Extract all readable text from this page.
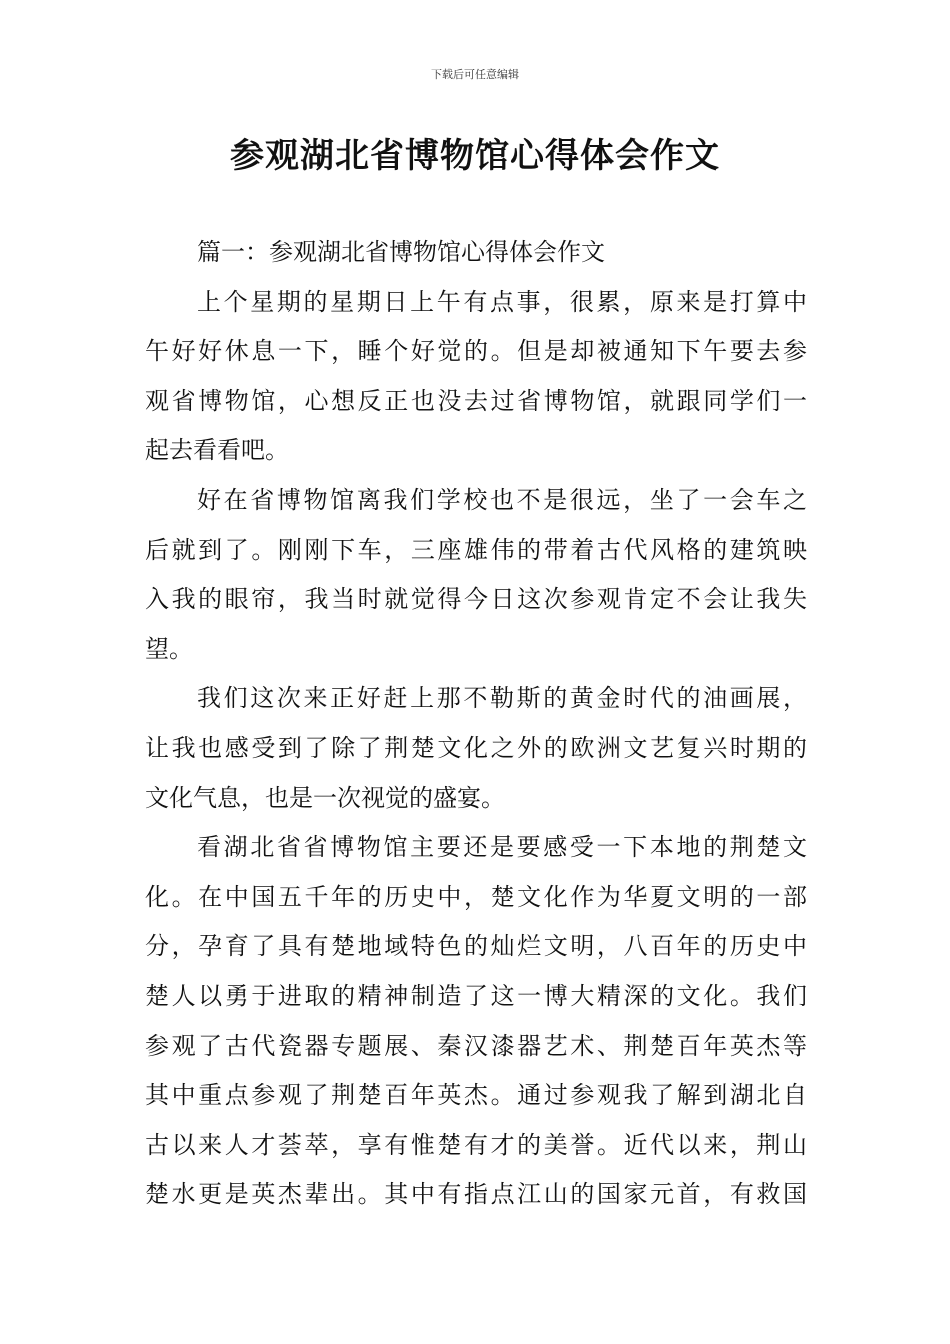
下载后可任意编辑
参观湖北省博物馆心得体会作文
篇一：参观湖北省博物馆心得体会作文
上个星期的星期日上午有点事，很累，原来是打算中
午好好休息一下，睡个好觉的。但是却被通知下午要去参
观省博物馆，心想反正也没去过省博物馆，就跟同学们一
起去看看吧。
好在省博物馆离我们学校也不是很远，坐了一会车之
后就到了。刚刚下车，三座雄伟的带着古代风格的建筑映
入我的眼帘，我当时就觉得今日这次参观肯定不会让我失
望。
我们这次来正好赶上那不勒斯的黄金时代的油画展，
让我也感受到了除了荆楚文化之外的欧洲文艺复兴时期的
文化气息，也是一次视觉的盛宴。
看湖北省省博物馆主要还是要感受一下本地的荆楚文
化。在中国五千年的历史中，楚文化作为华夏文明的一部
分，孕育了具有楚地域特色的灿烂文明，八百年的历史中
楚人以勇于进取的精神制造了这一博大精深的文化。我们
参观了古代瓷器专题展、秦汉漆器艺术、荆楚百年英杰等
其中重点参观了荆楚百年英杰。通过参观我了解到湖北自
古以来人才荟萃，享有惟楚有才的美誉。近代以来，荆山
楚水更是英杰辈出。其中有指点江山的国家元首，有救国
